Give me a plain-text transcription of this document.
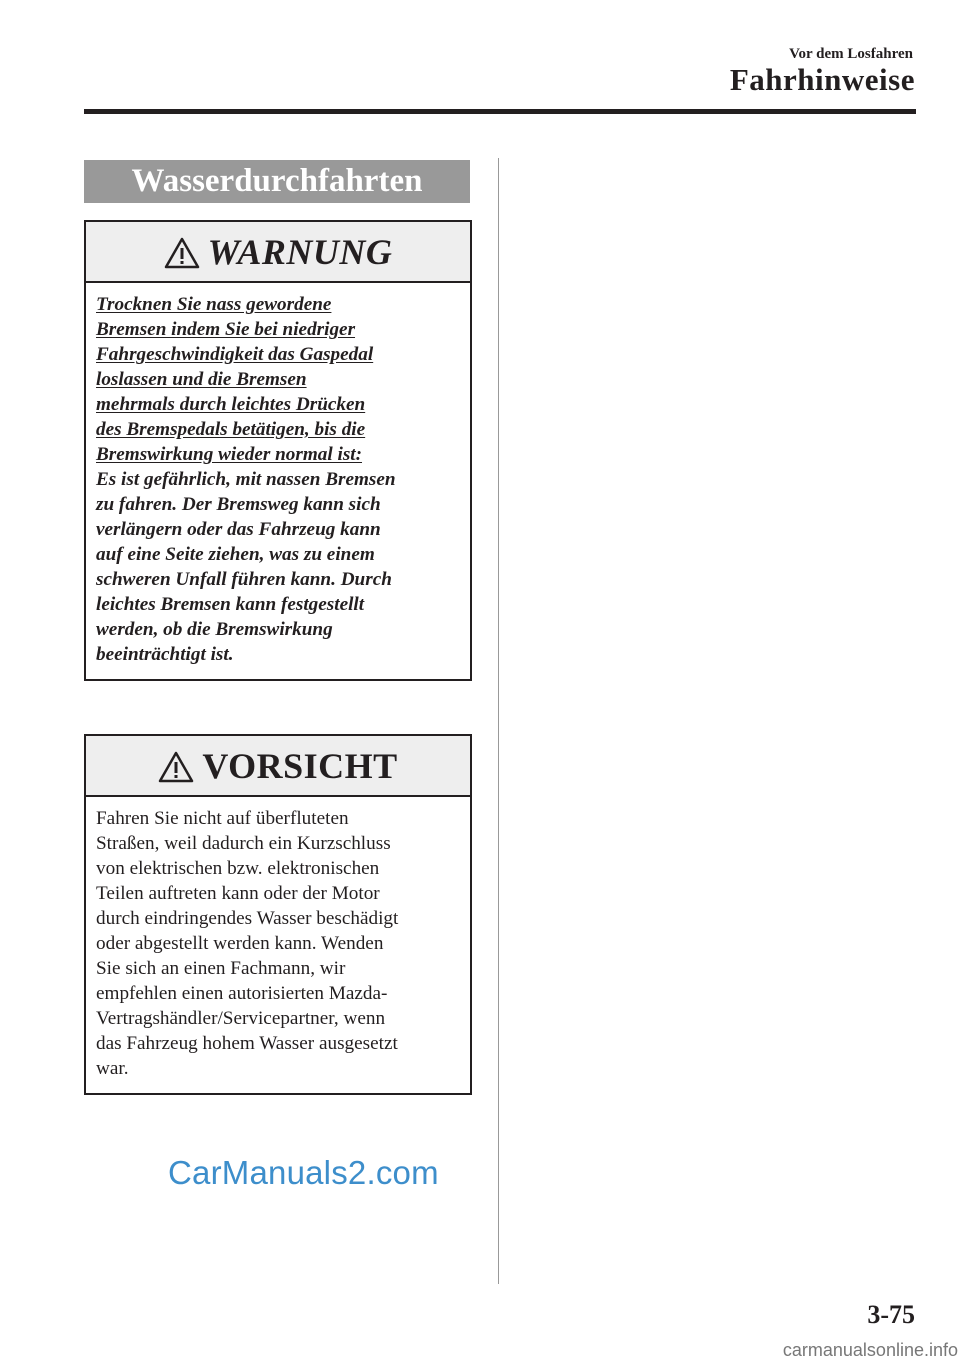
Vor dem Losfahren
Fahrhinweise
Wasserdurchfahrten
WARNUNG

Trocknen Sie nass gewordene

Bremsen indem Sie bei niedriger

Fahrgeschwindigkeit das Gaspedal

loslassen und die Bremsen

mehrmals durch leichtes Drücken

des Bremspedals betätigen, bis die

Bremswirkung wieder normal ist:

Es ist gefährlich, mit nassen Bremsen

zu fahren. Der Bremsweg kann sich

verlängern oder das Fahrzeug kann

auf eine Seite ziehen, was zu einem

schweren Unfall führen kann. Durch

leichtes Bremsen kann festgestellt

werden, ob die Bremswirkung

beeinträchtigt ist.

VORSICHT

Fahren Sie nicht auf überfluteten

Straßen, weil dadurch ein Kurzschluss

von elektrischen bzw. elektronischen

Teilen auftreten kann oder der Motor

durch eindringendes Wasser beschädigt

oder abgestellt werden kann. Wenden

Sie sich an einen Fachmann, wir

empfehlen einen autorisierten Mazda-

Vertragshändler/Servicepartner, wenn

das Fahrzeug hohem Wasser ausgesetzt

war.

CarManuals2.com
3-75
carmanualsonline.info
